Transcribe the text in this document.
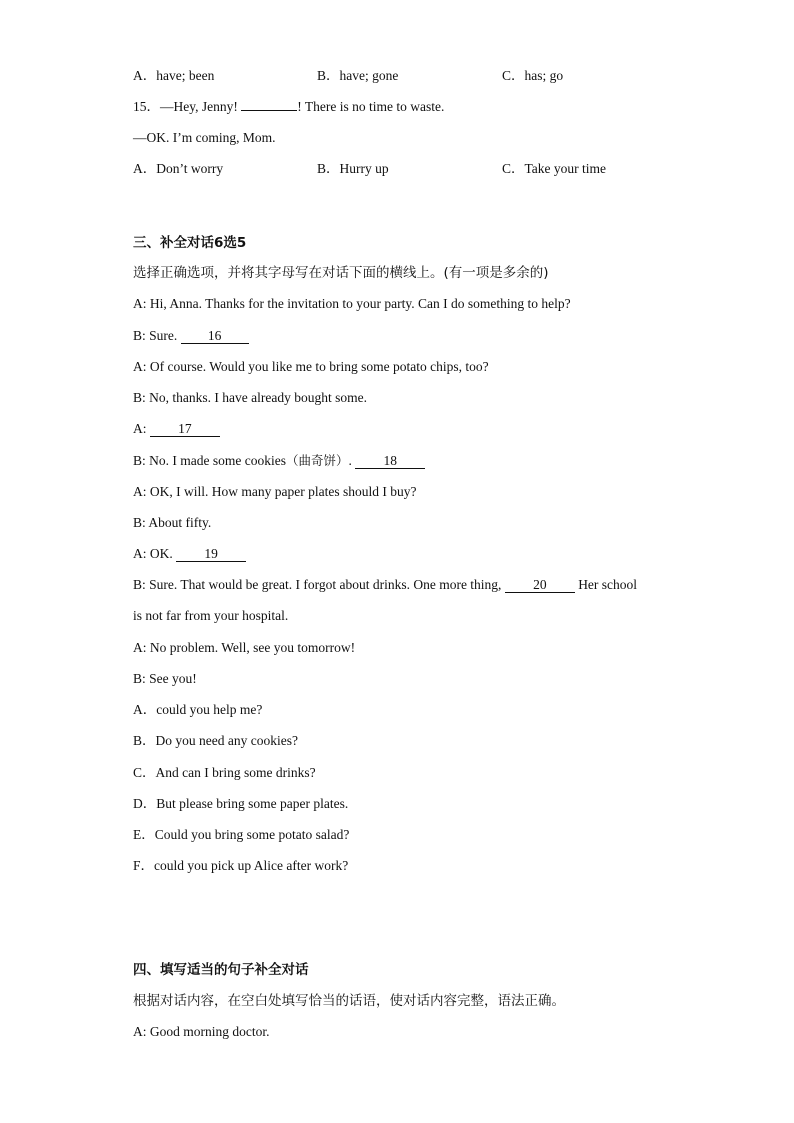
A．have; been	B．have; gone	C．has; go
15．—Hey, Jenny!	! There is no time to waste.
—OK. I’m coming, Mom.
A．Don’t worry	B．Hurry up	C．Take your time
三、补全对话6选5
选择正确选项，并将其字母写在对话下面的横线上。(有一项是多余的)
A: Hi, Anna. Thanks for the invitation to your party. Can I do something to help?
B: Sure. 16
A: Of course. Would you like me to bring some potato chips, too?
B: No, thanks. I have already bought some.
A: 17
B: No. I made some cookies（曲奇饼）. 18
A: OK, I will. How many paper plates should I buy?
B: About fifty.
A: OK. 19
B: Sure. That would be great. I forgot about drinks. One more thing, 20 Her school
is not far from your hospital.
A: No problem. Well, see you tomorrow!
B: See you!
A．could you help me?
B．Do you need any cookies?
C．And can I bring some drinks?
D．But please bring some paper plates.
E．Could you bring some potato salad?
F．could you pick up Alice after work?
四、填写适当的句子补全对话
根据对话内容，在空白处填写恰当的话语，使对话内容完整，语法正确。
A: Good morning doctor.
